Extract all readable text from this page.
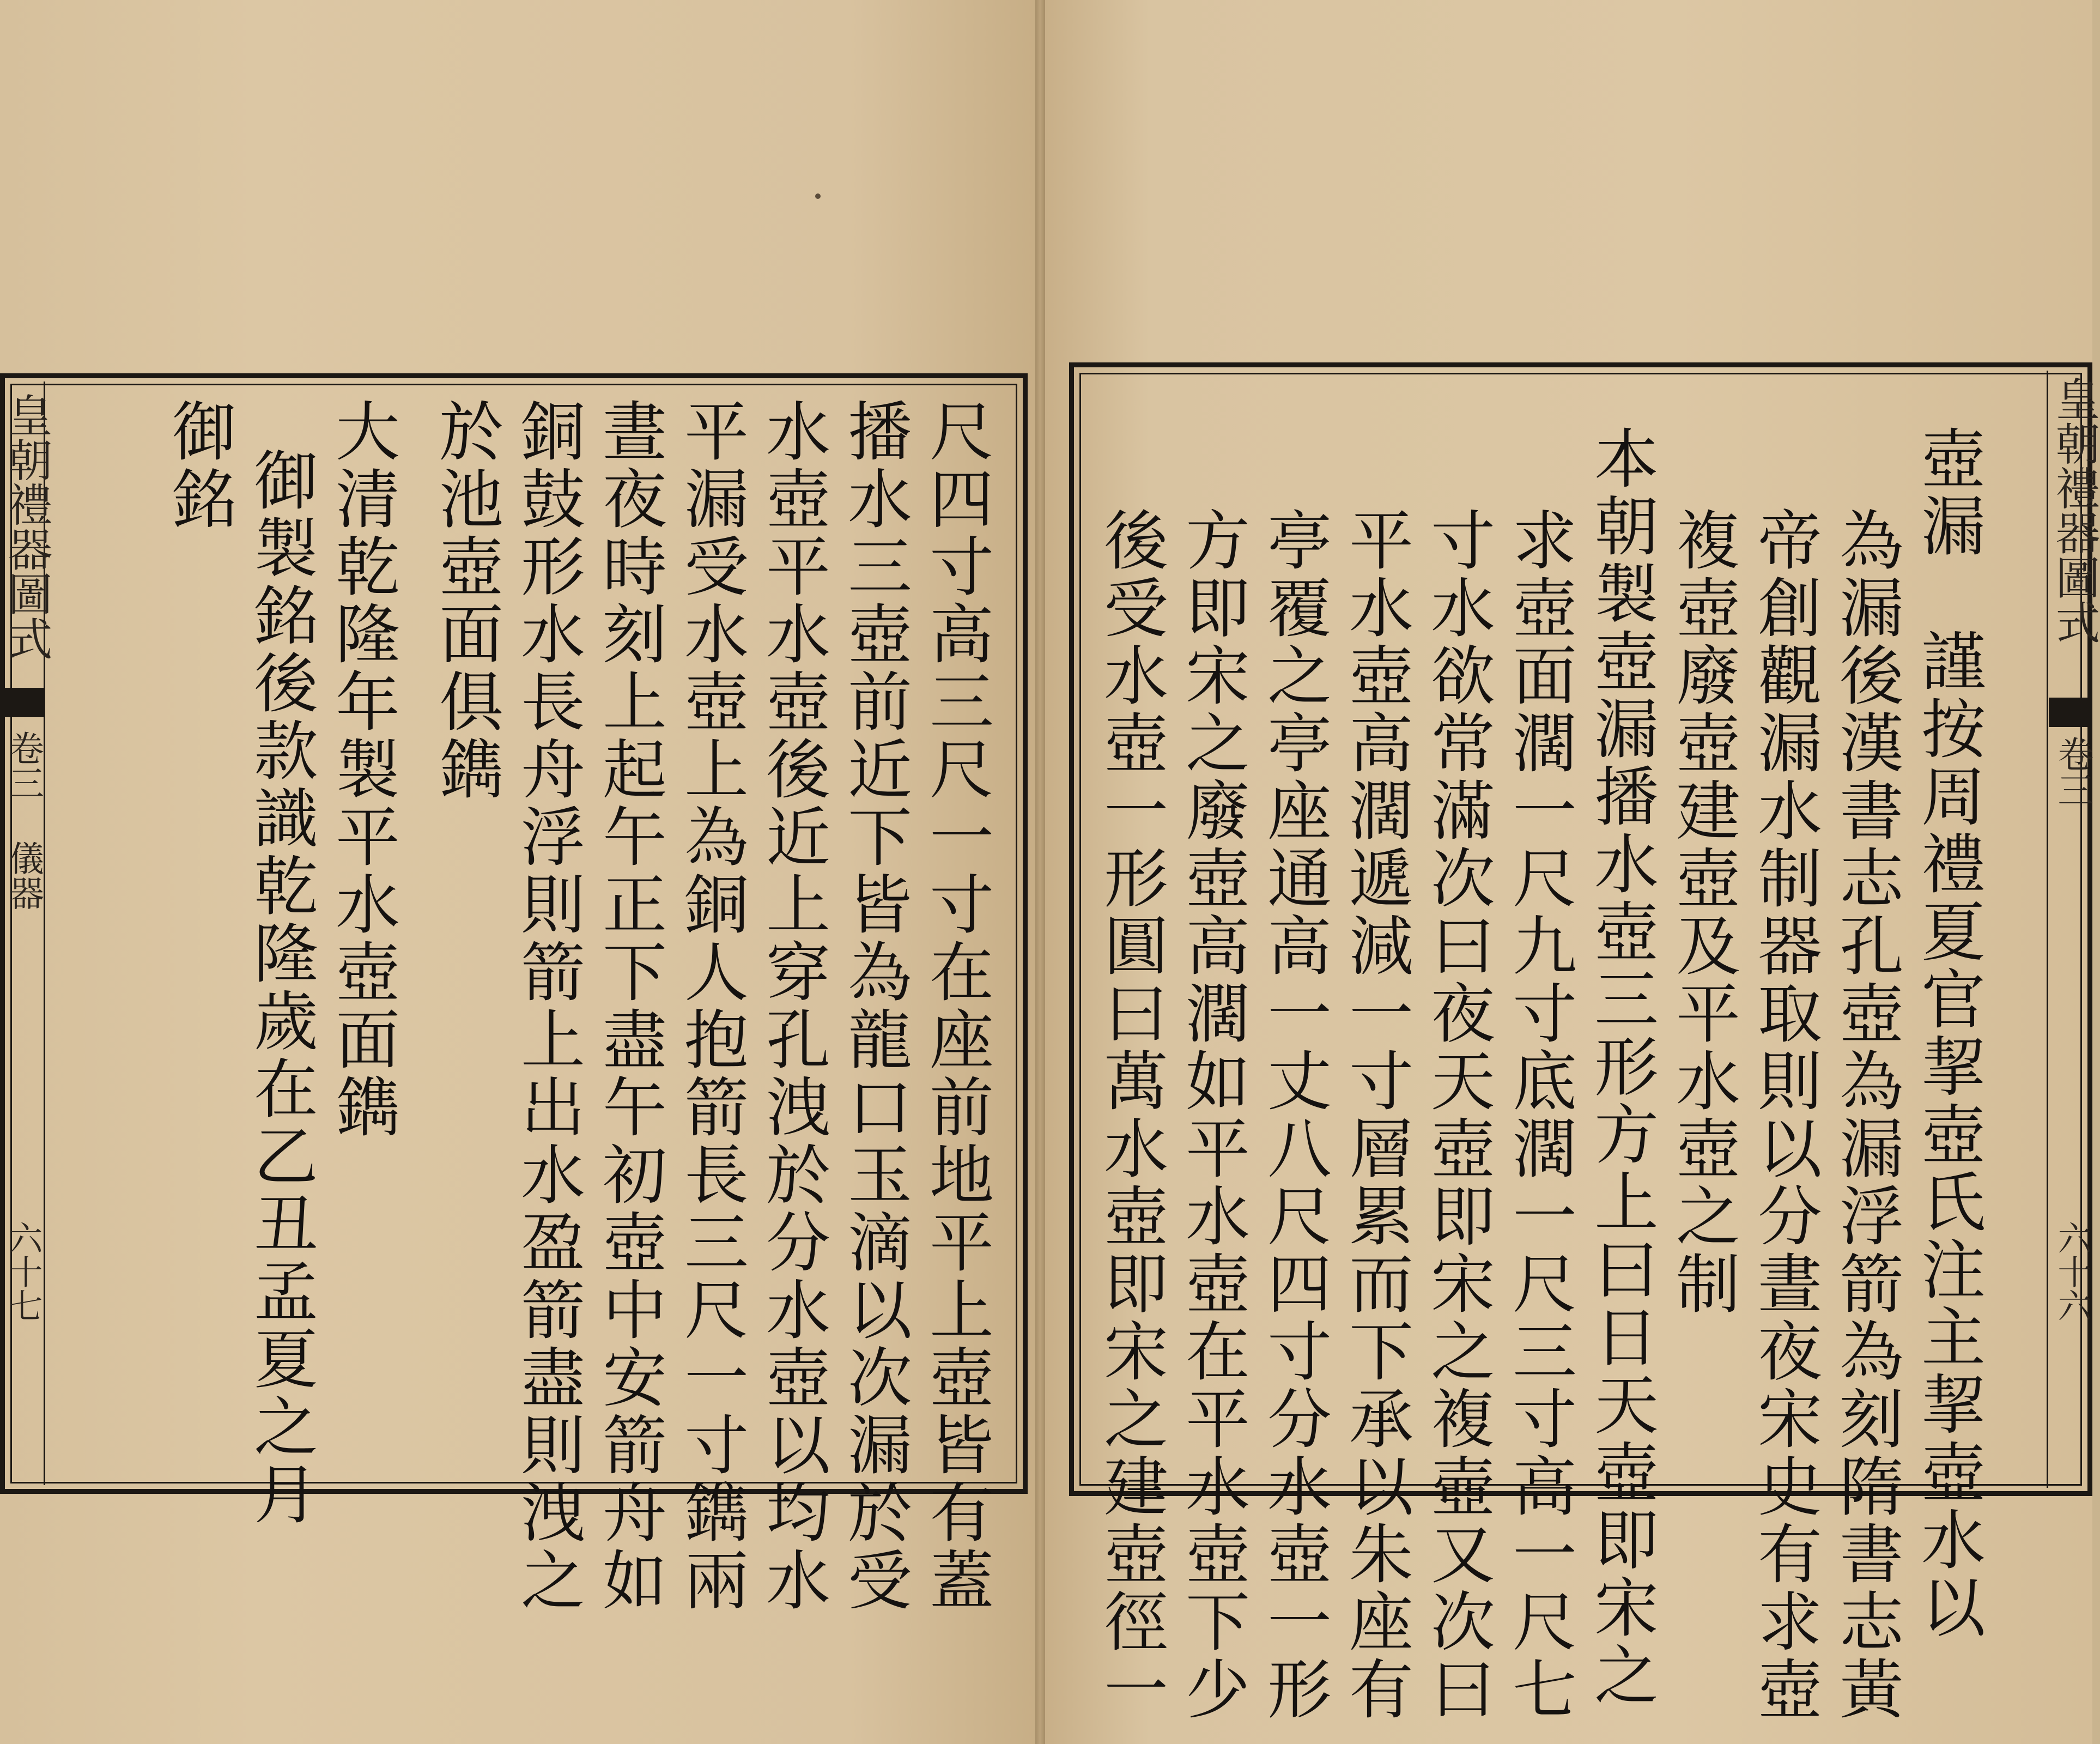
皇朝禮器圖式
卷三 儀器
六十七	尺四寸高三尺一寸在座前地平上壺皆有蓋
播水三壺前近下皆為龍口玉滴以次漏於受
水壺平水壺後近上穿孔洩於分水壺以均水
平漏受水壺上為銅人抱箭長三尺一寸鐫兩
晝夜時刻上起午正下盡午初壺中安箭舟如
銅鼓形水長舟浮則箭上出水盈箭盡則洩之
於池壺面俱鐫
大清乾隆年製平水壺面鐫
御製銘後款識乾隆歲在乙丑孟夏之月
御銘	皇朝禮器圖式
卷三
六十六
壺漏　謹按周禮夏官挈壺氏注主挈壺水以
為漏後漢書志孔壺為漏浮箭為刻隋書志黃
帝創觀漏水制器取則以分晝夜宋史有求壺
複壺廢壺建壺及平水壺之制
本朝製壺漏播水壺三形方上曰日天壺即宋之
求壺面濶一尺九寸底濶一尺三寸高一尺七
寸水欲常滿次曰夜天壺即宋之複壺又次曰
平水壺高濶遞減一寸層累而下承以朱座有
亭覆之亭座通高一丈八尺四寸分水壺一形
方即宋之廢壺高濶如平水壺在平水壺下少
後受水壺一形圓曰萬水壺即宋之建壺徑一
